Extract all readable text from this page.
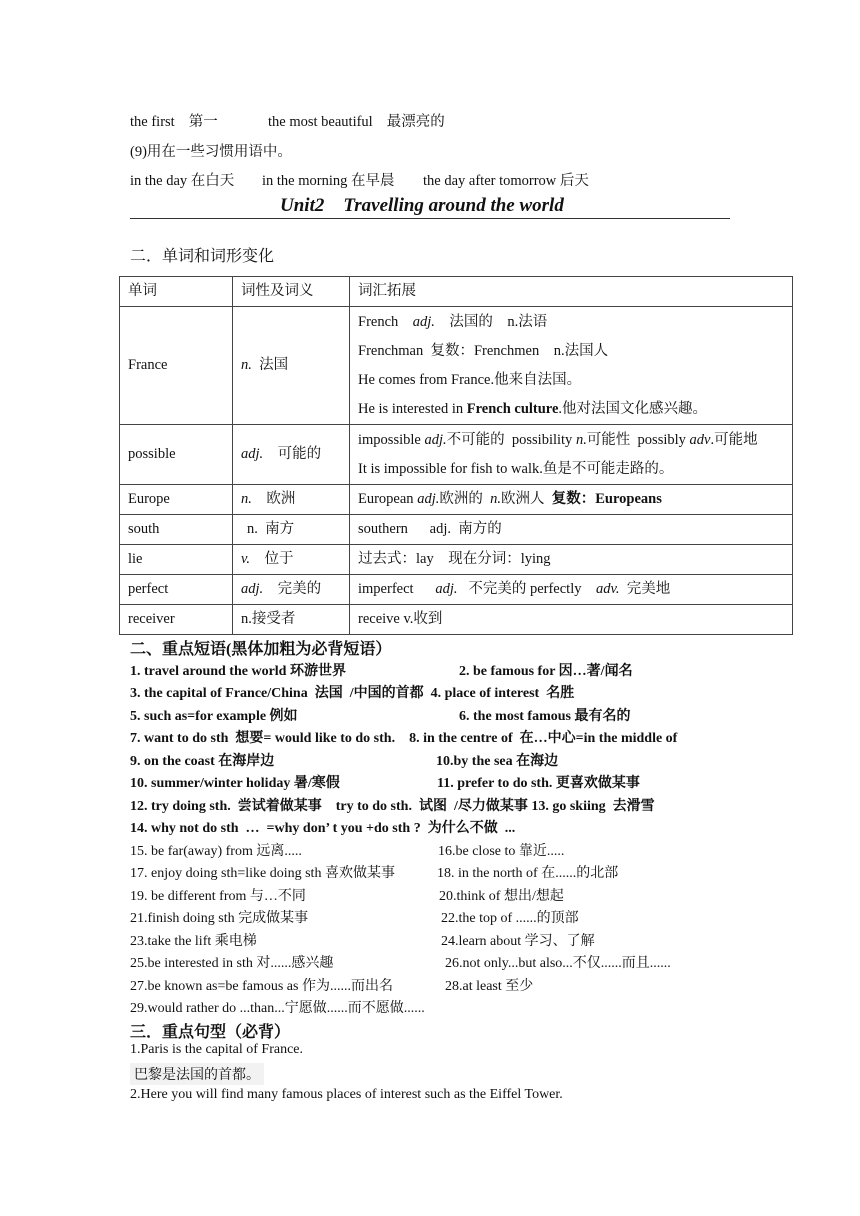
the first 第一	the most beautiful 最漂亮的
(9)用在一些习惯用语中。
in the day 在白天 in the morning 在早晨 the day after tomorrow 后天
Unit2    Travelling around the world
二．单词和词形变化
单词	词性及词义	词汇拓展
France	n. 法国	French adj. 法国的 n.法语
Frenchman  复数：Frenchmen    n.法国人
He comes from France.他来自法国。
He is interested in French culture.他对法国文化感兴趣。

possible	adj. 可能的	impossible adj.不可能的  possibility n.可能性  possibly adv.可能地
It is impossible for fish to walk.鱼是不可能走路的。

Europe	n. 欧洲	European adj.欧洲的  n.欧洲人  复数：Europeans
south	n.  南方	southern      adj.  南方的
lie	v. 位于	过去式：lay    现在分词：lying
perfect	adj. 完美的	imperfect      adj.   不完美的 perfectly    adv.  完美地
receiver	n.接受者	receive v.收到
二、重点短语(黑体加粗为必背短语）
1. travel around the world 环游世界	2. be famous for 因…著/闻名
3. the capital of France/China  法国  /中国的首都  4. place of interest  名胜
5. such as=for example 例如	6. the most famous 最有名的
7. want to do sth  想要= would like to do sth.    8. in the centre of  在…中心=in the middle of
9. on the coast 在海岸边	10.by the sea 在海边
10. summer/winter holiday 暑/寒假	11. prefer to do sth. 更喜欢做某事
12. try doing sth.  尝试着做某事    try to do sth.  试图  /尽力做某事 13. go skiing  去滑雪
14. why not do sth  …  =why don’ t you +do sth ?  为什么不做  ...
15. be far(away) from 远离.....	16.be close to 靠近.....
17. enjoy doing sth=like doing sth 喜欢做某事	18. in the north of 在......的北部
19. be different from 与…不同	20.think of 想出/想起
21.finish doing sth 完成做某事	22.the top of ......的顶部
23.take the lift 乘电梯	24.learn about 学习、了解
25.be interested in sth 对......感兴趣	26.not only...but also...不仅......而且......
27.be known as=be famous as 作为......而出名	28.at least 至少
29.would rather do ...than...宁愿做......而不愿做......
三．重点句型（必背）
1.Paris is the capital of France.
巴黎是法国的首都。
2.Here you will find many famous places of interest such as the Eiffel Tower.
